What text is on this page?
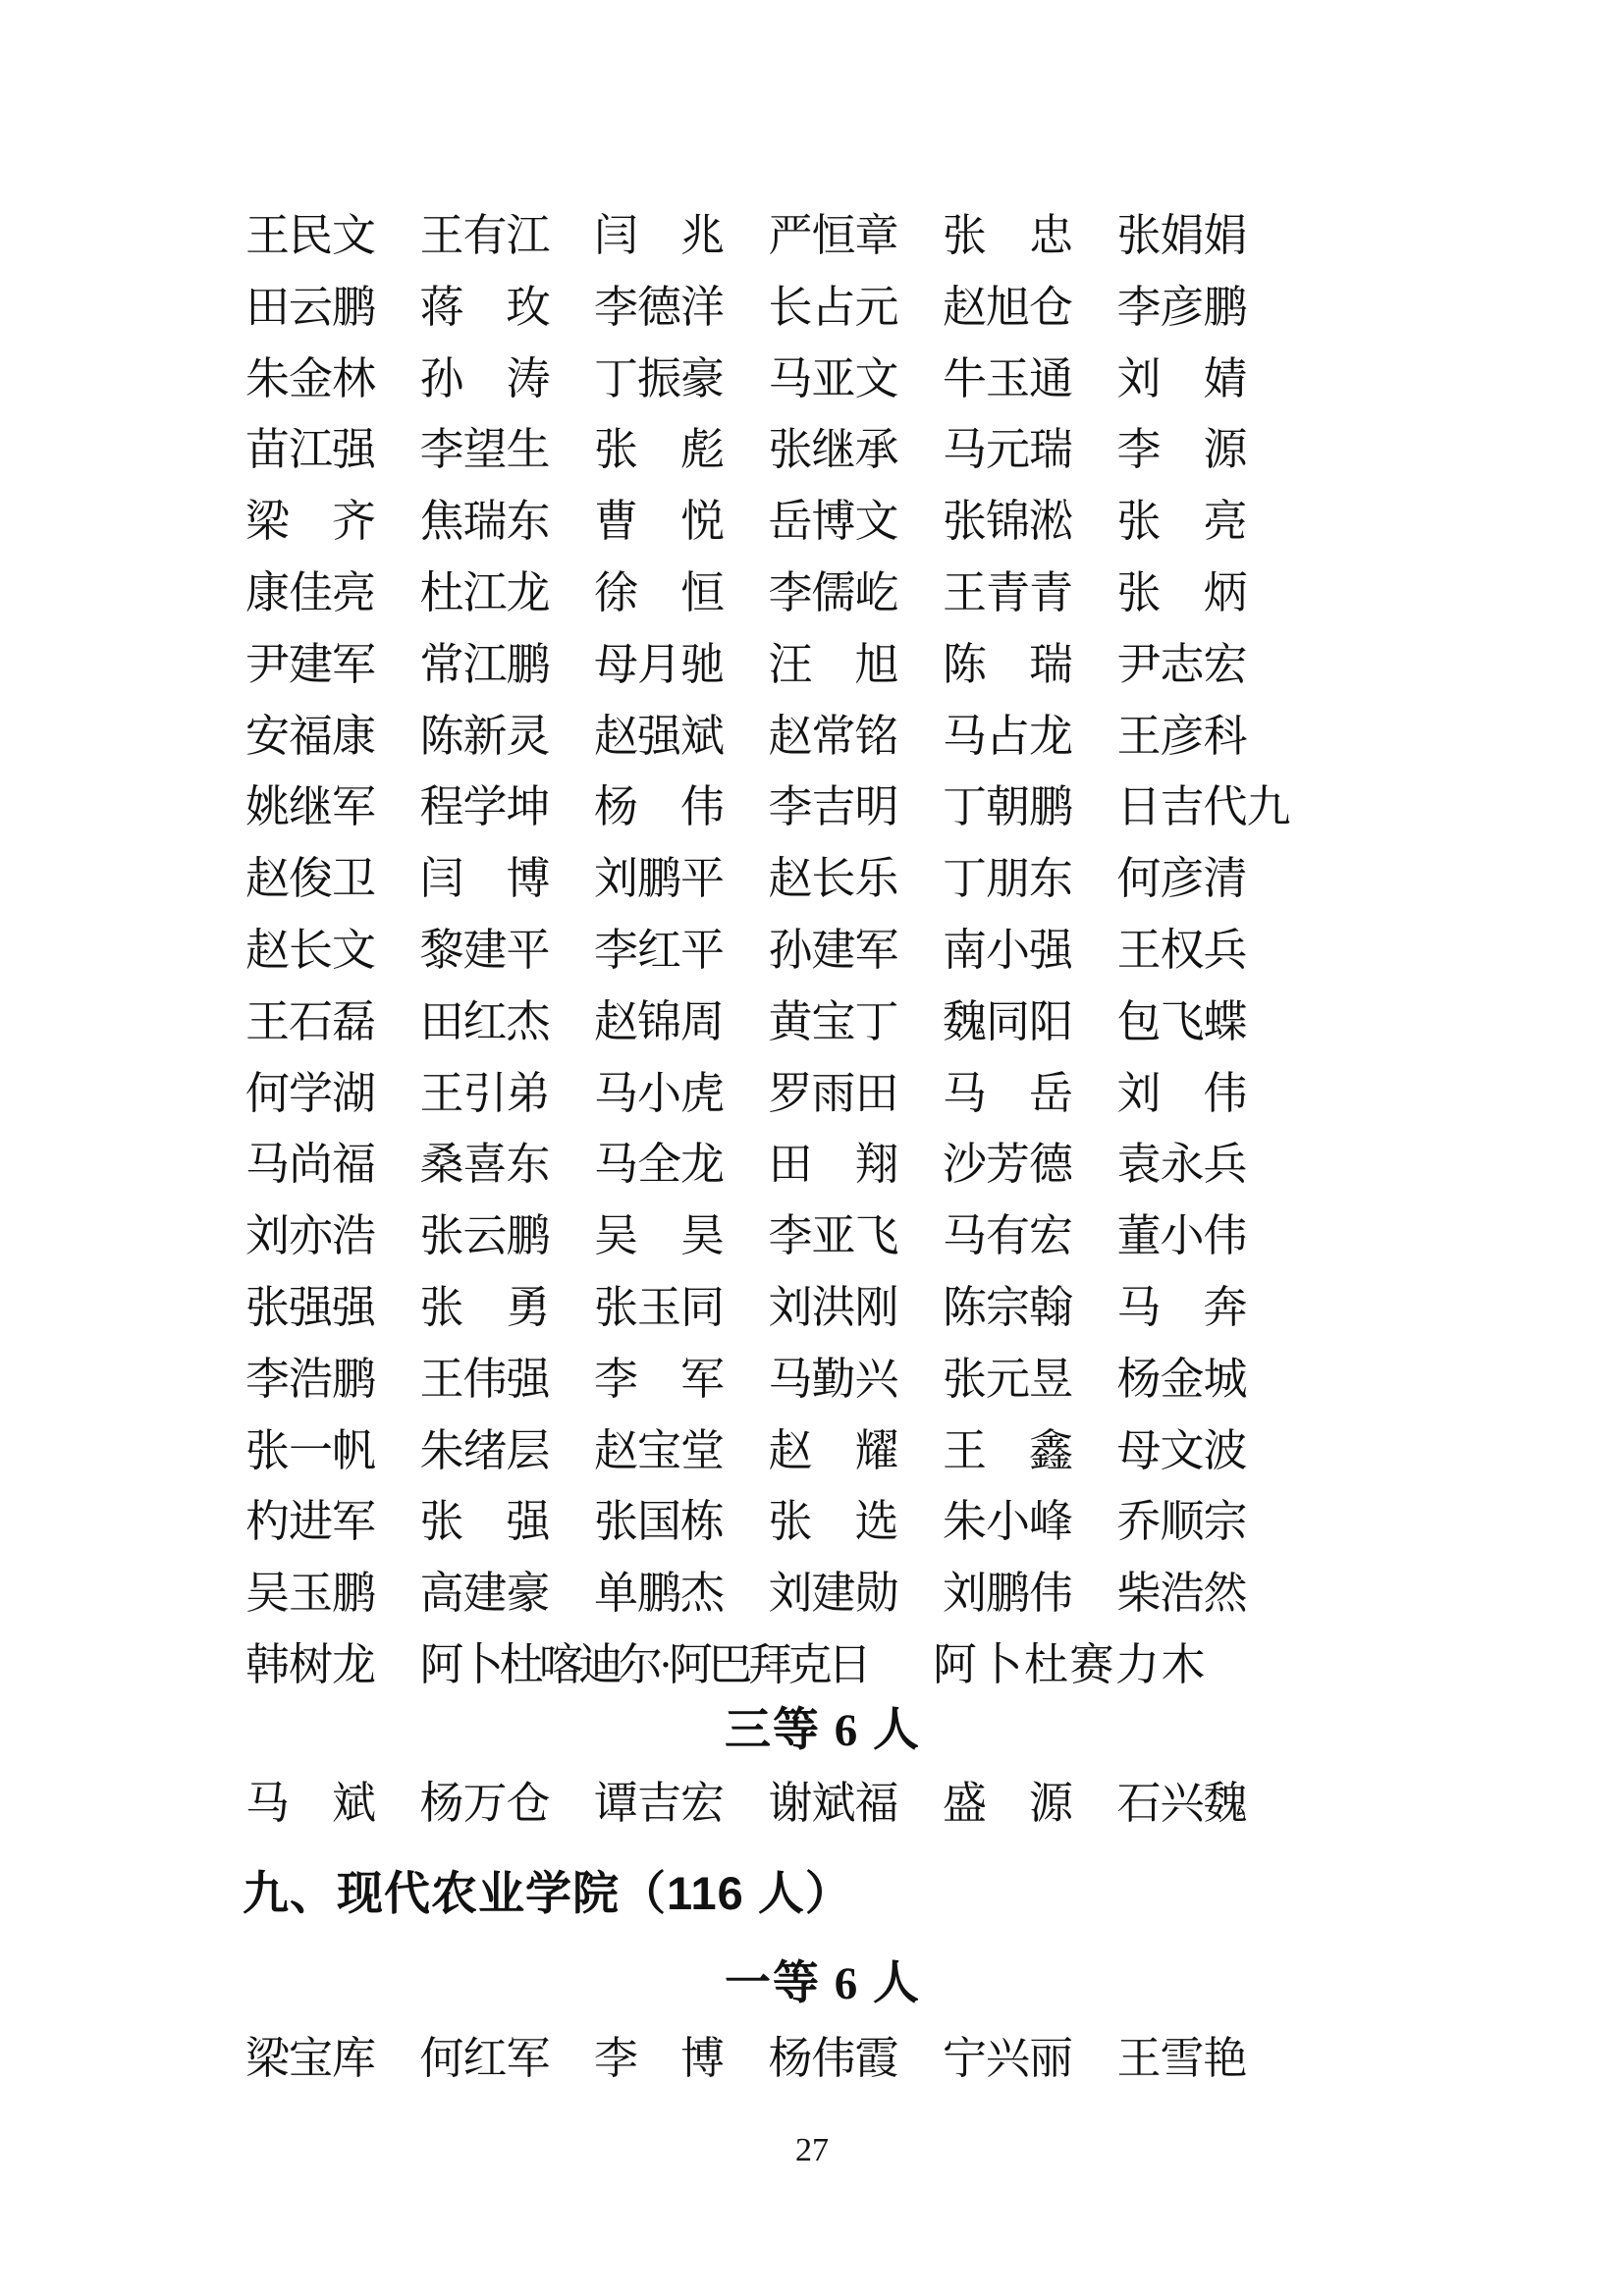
王民文 王有江 闫　兆 严恒章 张　忠 张娟娟
田云鹏 蒋　玫 李德洋 长占元 赵旭仓 李彦鹏
朱金林 孙　涛 丁振豪 马亚文 牛玉通 刘　婧
苗江强 李望生 张　彪 张继承 马元瑞 李　源
梁　齐 焦瑞东 曹　悦 岳博文 张锦淞 张　亮
康佳亮 杜江龙 徐　恒 李儒屹 王青青 张　炳
尹建军 常江鹏 母月驰 汪　旭 陈　瑞 尹志宏
安福康 陈新灵 赵强斌 赵常铭 马占龙 王彦科
姚继军 程学坤 杨　伟 李吉明 丁朝鹏 日吉代九
赵俊卫 闫　博 刘鹏平 赵长乐 丁朋东 何彦清
赵长文 黎建平 李红平 孙建军 南小强 王权兵
王石磊 田红杰 赵锦周 黄宝丁 魏同阳 包飞蝶
何学湖 王引弟 马小虎 罗雨田 马　岳 刘　伟
马尚福 桑喜东 马全龙 田　翔 沙芳德 袁永兵
刘亦浩 张云鹏 吴　昊 李亚飞 马有宏 董小伟
张强强 张　勇 张玉同 刘洪刚 陈宗翰 马　奔
李浩鹏 王伟强 李　军 马勤兴 张元昱 杨金城
张一帆 朱绪层 赵宝堂 赵　耀 王　鑫 母文波
杓进军 张　强 张国栋 张　选 朱小峰 乔顺宗
吴玉鹏 高建豪 单鹏杰 刘建勋 刘鹏伟 柴浩然
韩树龙 阿卜杜喀迪尔·阿巴拜克日 阿卜杜赛力木
三等 6 人
马　斌 杨万仓 谭吉宏 谢斌福 盛　源 石兴魏
九、现代农业学院（116 人）
一等 6 人
梁宝库 何红军 李　博 杨伟霞 宁兴丽 王雪艳
27
